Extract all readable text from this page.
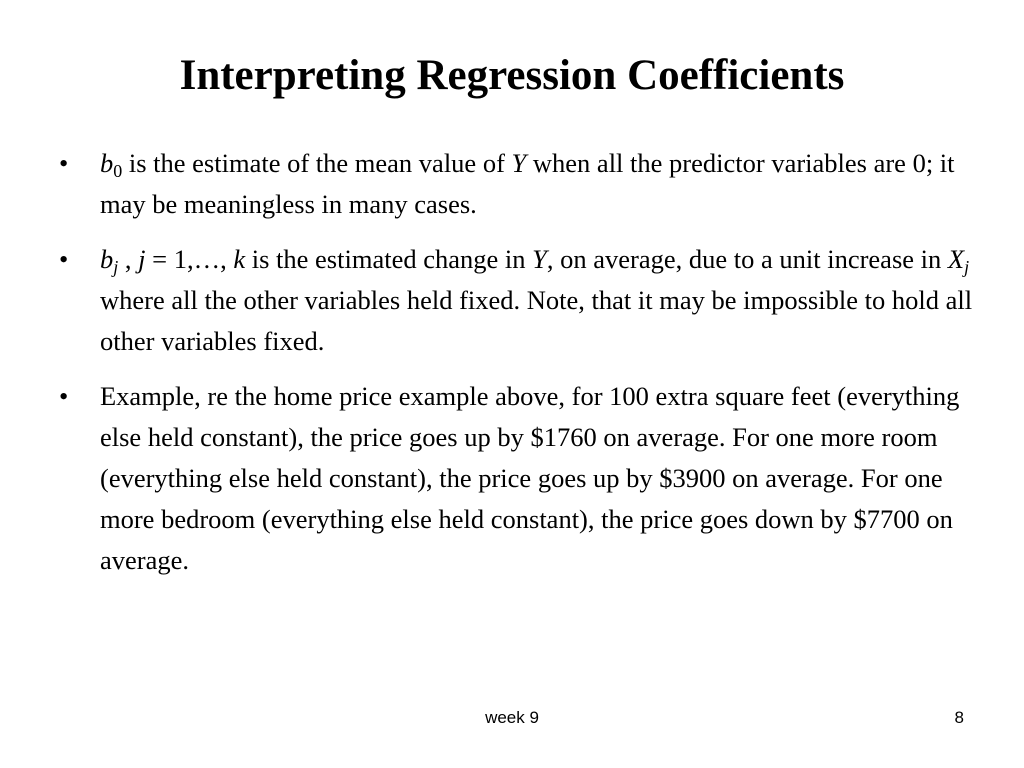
Interpreting Regression Coefficients
• $b_0$ is the estimate of the mean value of Y when all the predictor variables are 0; it may be meaningless in many cases.
• $b_j$ , j = 1,…, k is the estimated change in Y, on average, due to a unit increase in $X_j$ where all the other variables held fixed. Note, that it may be impossible to hold all other variables fixed.
• Example, re the home price example above, for 100 extra square feet (everything else held constant), the price goes up by $1760 on average. For one more room (everything else held constant), the price goes up by $3900 on average. For one more bedroom (everything else held constant), the price goes down by $7700 on average.
week 9	8
